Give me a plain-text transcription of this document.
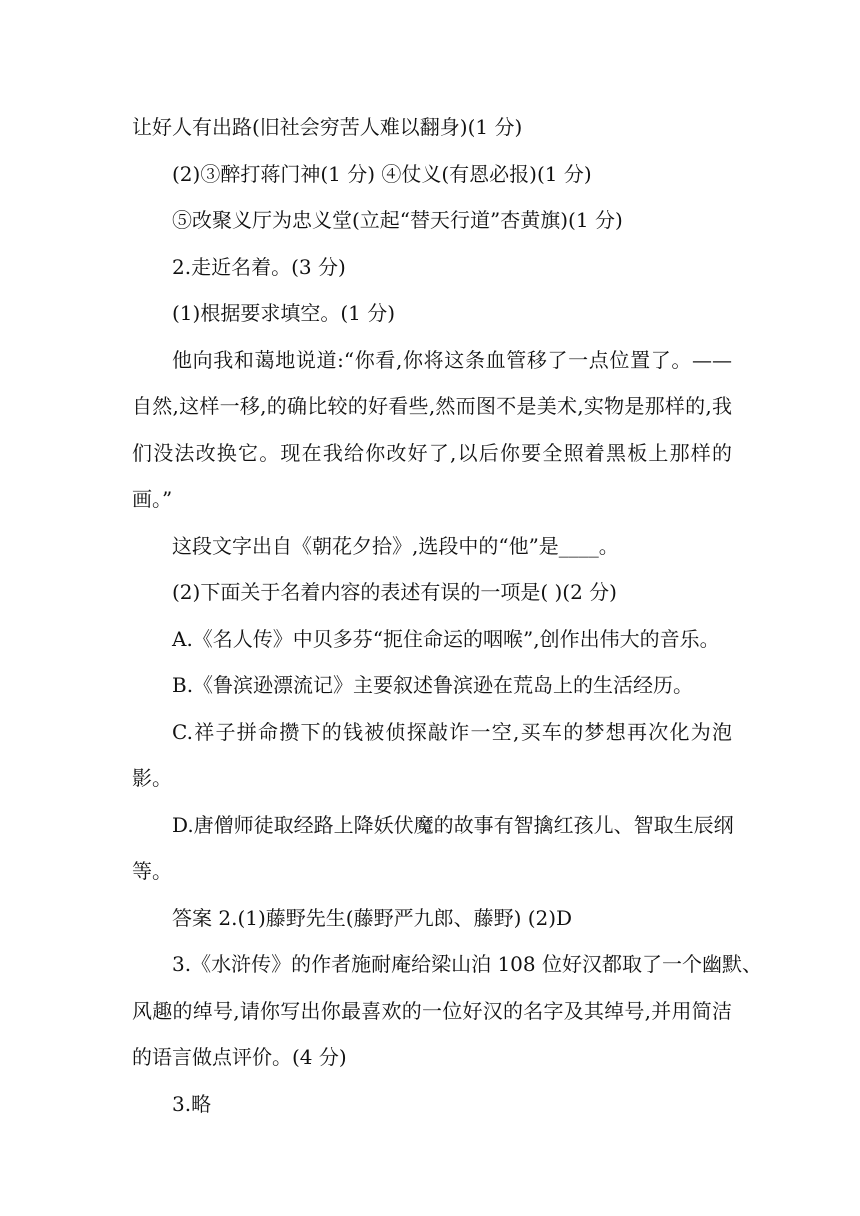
让好人有出路(旧社会穷苦人难以翻身)(1 分)

(2)③醉打蒋门神(1 分) ④仗义(有恩必报)(1 分)

⑤改聚义厅为忠义堂(立起“替天行道”杏黄旗)(1 分)

2.走近名着。(3 分)

(1)根据要求填空。(1 分)

他向我和蔼地说道:“你看,你将这条血管移了一点位置了。——

自然,这样一移,的确比较的好看些,然而图不是美术,实物是那样的,我

们没法改换它。现在我给你改好了,以后你要全照着黑板上那样的

画。”

这段文字出自《朝花夕拾》,选段中的“他”是____。

(2)下面关于名着内容的表述有误的一项是( )(2 分)

A.《名人传》中贝多芬“扼住命运的咽喉”,创作出伟大的音乐。

B.《鲁滨逊漂流记》主要叙述鲁滨逊在荒岛上的生活经历。

C.祥子拼命攒下的钱被侦探敲诈一空,买车的梦想再次化为泡

影。

D.唐僧师徒取经路上降妖伏魔的故事有智擒红孩儿、智取生辰纲

等。

答案 2.(1)藤野先生(藤野严九郎、藤野) (2)D

3.《水浒传》的作者施耐庵给梁山泊 108 位好汉都取了一个幽默、

风趣的绰号,请你写出你最喜欢的一位好汉的名字及其绰号,并用简洁

的语言做点评价。(4 分)

3.略
